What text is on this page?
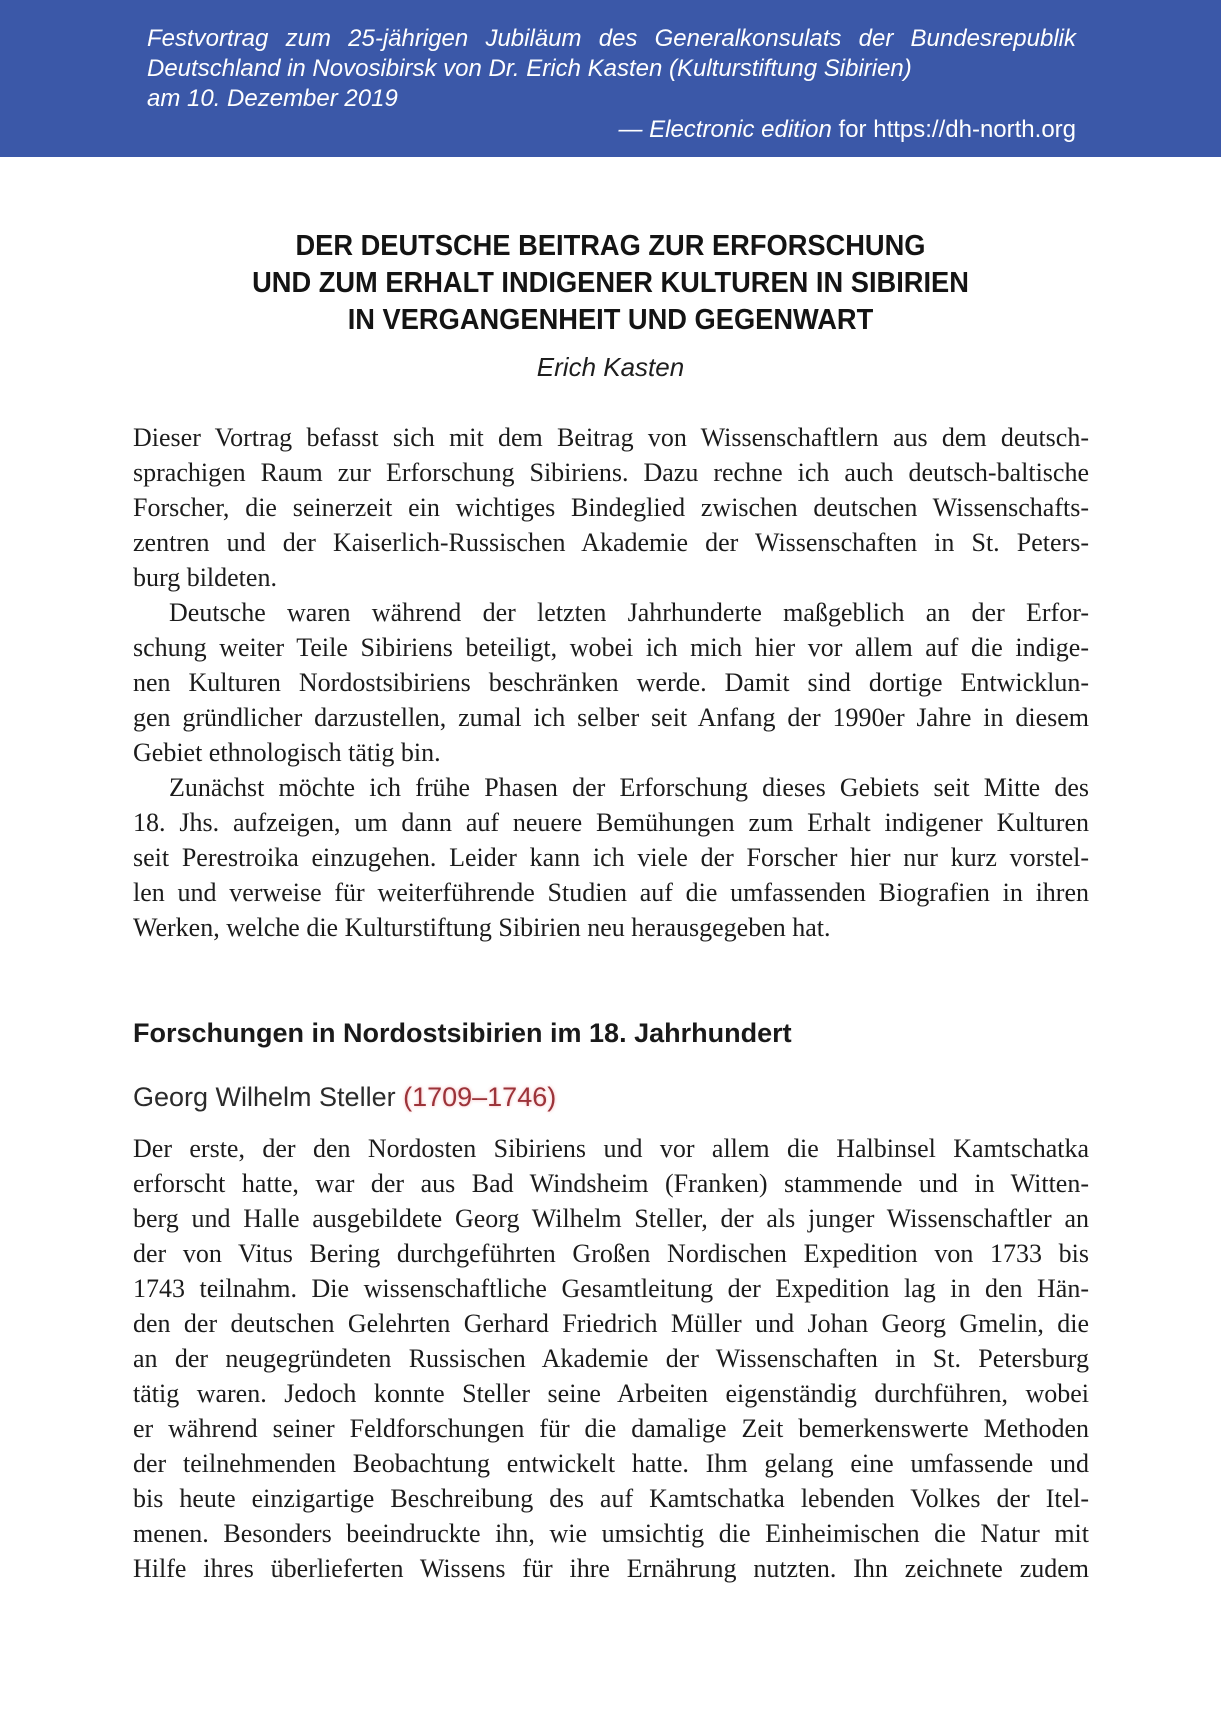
Festvortrag zum 25-jährigen Jubiläum des Generalkonsulats der Bundesrepublik
Deutschland in Novosibirsk von Dr. Erich Kasten (Kulturstiftung Sibirien)
am 10. Dezember 2019
— Electronic edition for https://dh-north.org
DER DEUTSCHE BEITRAG ZUR ERFORSCHUNG
UND ZUM ERHALT INDIGENER KULTUREN IN SIBIRIEN
IN VERGANGENHEIT UND GEGENWART
Erich Kasten
Dieser Vortrag befasst sich mit dem Beitrag von Wissenschaftlern aus dem deutsch-
sprachigen Raum zur Erforschung Sibiriens. Dazu rechne ich auch deutsch-baltische
Forscher, die seinerzeit ein wichtiges Bindeglied zwischen deutschen Wissenschafts-
zentren und der Kaiserlich-Russischen Akademie der Wissenschaften in St. Peters-
burg bildeten.
Deutsche waren während der letzten Jahrhunderte maßgeblich an der Erfor-
schung weiter Teile Sibiriens beteiligt, wobei ich mich hier vor allem auf die indige-
nen Kulturen Nordostsibiriens beschränken werde. Damit sind dortige Entwicklun-
gen gründlicher darzustellen, zumal ich selber seit Anfang der 1990er Jahre in diesem
Gebiet ethnologisch tätig bin.
Zunächst möchte ich frühe Phasen der Erforschung dieses Gebiets seit Mitte des
18. Jhs. aufzeigen, um dann auf neuere Bemühungen zum Erhalt indigener Kulturen
seit Perestroika einzugehen. Leider kann ich viele der Forscher hier nur kurz vorstel-
len und verweise für weiterführende Studien auf die umfassenden Biografien in ihren
Werken, welche die Kulturstiftung Sibirien neu herausgegeben hat.
Forschungen in Nordostsibirien im 18. Jahrhundert
Georg Wilhelm Steller (1709–1746)
Der erste, der den Nordosten Sibiriens und vor allem die Halbinsel Kamtschatka
erforscht hatte, war der aus Bad Windsheim (Franken) stammende und in Witten-
berg und Halle ausgebildete Georg Wilhelm Steller, der als junger Wissenschaftler an
der von Vitus Bering durchgeführten Großen Nordischen Expedition von 1733 bis
1743 teilnahm. Die wissenschaftliche Gesamtleitung der Expedition lag in den Hän-
den der deutschen Gelehrten Gerhard Friedrich Müller und Johan Georg Gmelin, die
an der neugegründeten Russischen Akademie der Wissenschaften in St. Petersburg
tätig waren. Jedoch konnte Steller seine Arbeiten eigenständig durchführen, wobei
er während seiner Feldforschungen für die damalige Zeit bemerkenswerte Methoden
der teilnehmenden Beobachtung entwickelt hatte. Ihm gelang eine umfassende und
bis heute einzigartige Beschreibung des auf Kamtschatka lebenden Volkes der Itel-
menen. Besonders beeindruckte ihn, wie umsichtig die Einheimischen die Natur mit
Hilfe ihres überlieferten Wissens für ihre Ernährung nutzten. Ihn zeichnete zudem
